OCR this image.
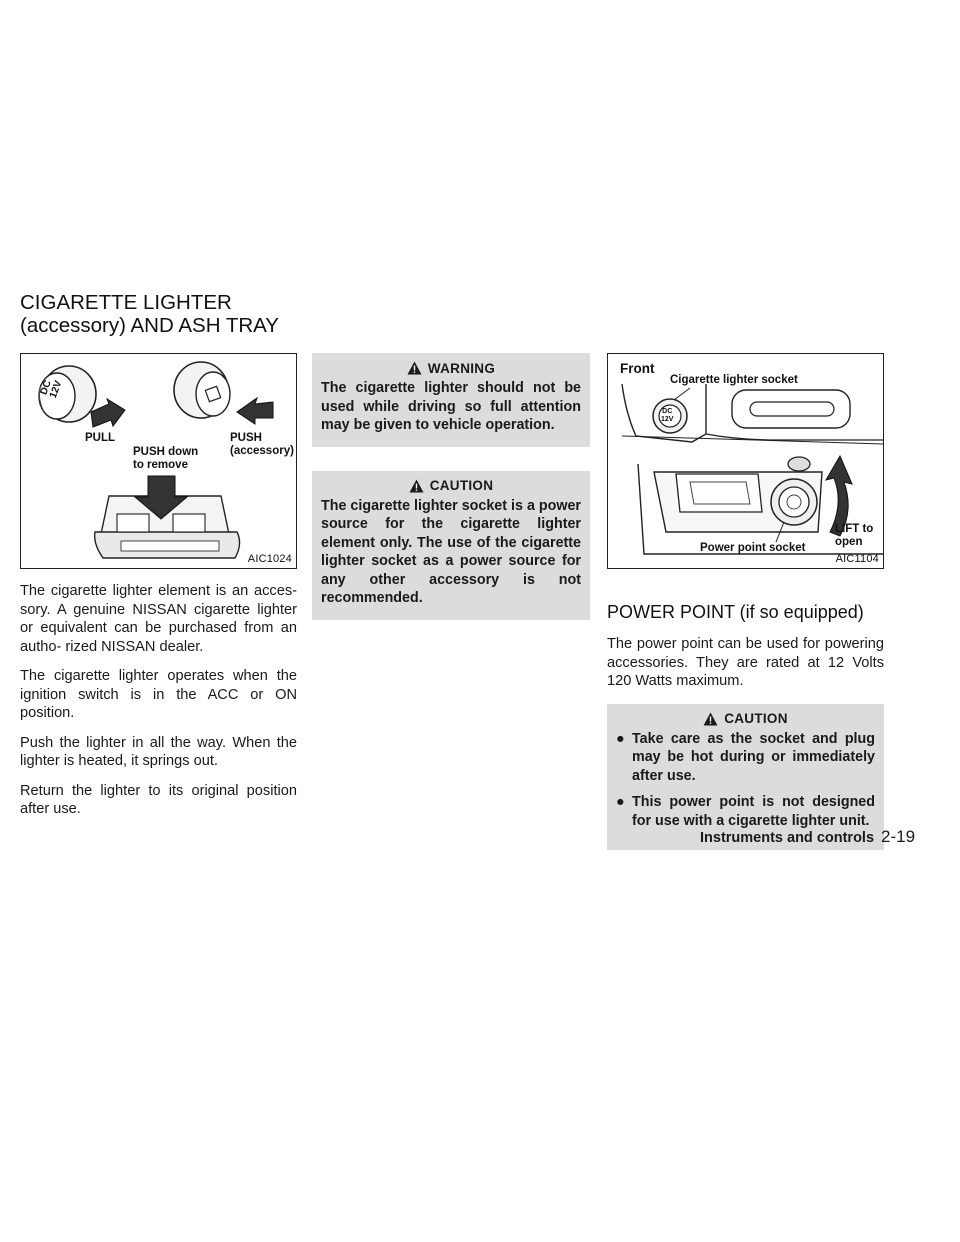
CIGARETTE LIGHTER
(accessory) AND ASH TRAY
DC
12V
PULL
PUSH down
to remove
PUSH
(accessory)
AIC1024

The cigarette lighter element is an acces- sory. A genuine NISSAN cigarette lighter or equivalent can be purchased from an autho- rized NISSAN dealer.

The cigarette lighter operates when the ignition switch is in the ACC or ON position.

Push the lighter in all the way. When the lighter is heated, it springs out.

Return the lighter to its original position after use.

WARNING
The cigarette lighter should not be used while driving so full attention may be given to vehicle operation.
CAUTION
The cigarette lighter socket is a power source for the cigarette lighter element only. The use of the cigarette lighter socket as a power source for any other accessory is not recommended.
Front
Cigarette lighter socket
DC
12V
Power point socket
LIFT to
open
AIC1104
POWER POINT (if so equipped)

The power point can be used for powering accessories. They are rated at 12 Volts 120 Watts maximum.

CAUTION
● Take care as the socket and plug may be hot during or immediately after use.
● This power point is not designed for use with a cigarette lighter unit.
Instruments and controls 2-19
